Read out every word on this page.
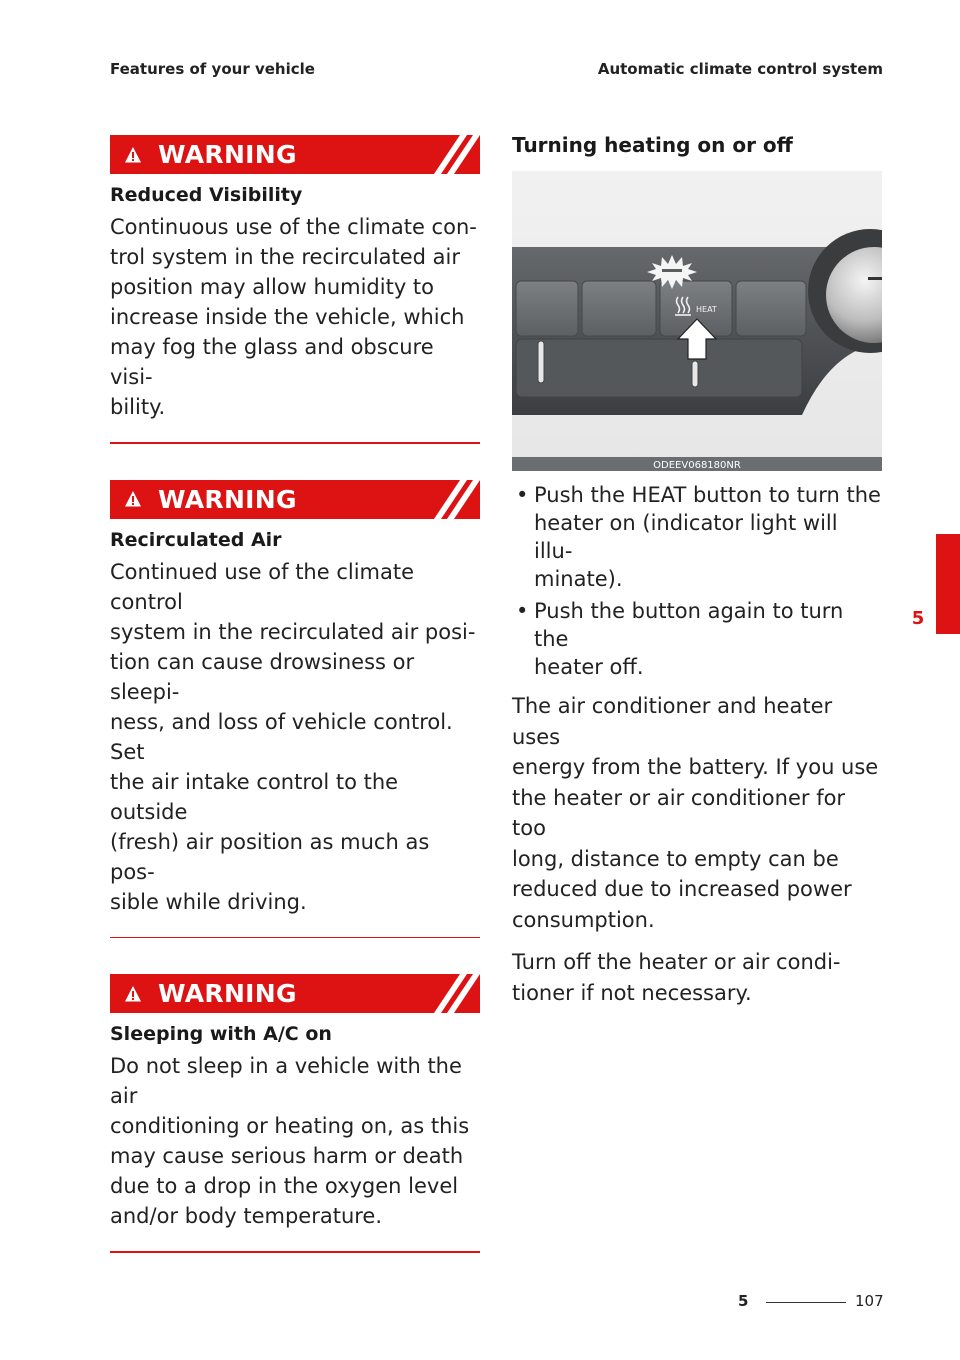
Features of your vehicle	Automatic climate control system
WARNING
Reduced Visibility

Continuous use of the climate con-
trol system in the recirculated air
position may allow humidity to
increase inside the vehicle, which
may fog the glass and obscure visi-
bility.

WARNING
Recirculated Air

Continued use of the climate control
system in the recirculated air posi-
tion can cause drowsiness or sleepi-
ness, and loss of vehicle control. Set
the air intake control to the outside
(fresh) air position as much as pos-
sible while driving.

WARNING
Sleeping with A/C on

Do not sleep in a vehicle with the air
conditioning or heating on, as this
may cause serious harm or death
due to a drop in the oxygen level
and/or body temperature.

Turning heating on or off
HEAT
ODEEV068180NR
• Push the HEAT button to turn the
heater on (indicator light will illu-
minate).
• Push the button again to turn the
heater off.

The air conditioner and heater uses
energy from the battery. If you use
the heater or air conditioner for too
long, distance to empty can be
reduced due to increased power
consumption.

Turn off the heater or air condi-
tioner if not necessary.

5
5	107
